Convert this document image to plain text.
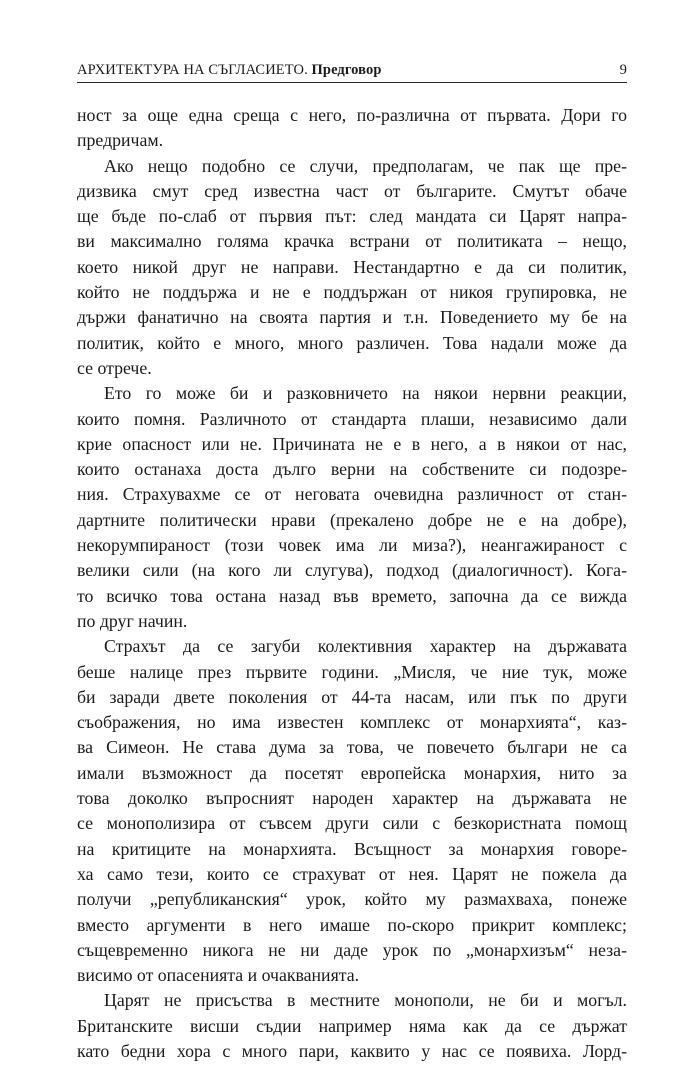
АРХИТЕКТУРА НА СЪГЛАСИЕТО. Предговор	9
ност за още една среща с него, по-различна от първата. Дори го
предричам.
Ако нещо подобно се случи, предполагам, че пак ще пре-
дизвика смут сред известна част от българите. Смутът обаче
ще бъде по-слаб от първия път: след мандата си Царят напра-
ви максимално голяма крачка встрани от политиката – нещо,
което никой друг не направи. Нестандартно е да си политик,
който не поддържа и не е поддържан от никоя групировка, не
държи фанатично на своята партия и т.н. Поведението му бе на
политик, който е много, много различен. Това надали може да
се отрече.
Ето го може би и разковничето на някои нервни реакции,
които помня. Различното от стандарта плаши, независимо дали
крие опасност или не. Причината не е в него, а в някои от нас,
които останаха доста дълго верни на собствените си подозре-
ния. Страхувахме се от неговата очевидна различност от стан-
дартните политически нрави (прекалено добре не е на добре),
некорумпираност (този човек има ли миза?), неангажираност с
велики сили (на кого ли слугува), подход (диалогичност). Кога-
то всичко това остана назад във времето, започна да се вижда
по друг начин.
Страхът да се загуби колективния характер на държавата
беше налице през първите години. „Мисля, че ние тук, може
би заради двете поколения от 44-та насам, или пък по други
съображения, но има известен комплекс от монархията“, каз-
ва Симеон. Не става дума за това, че повечето българи не са
имали възможност да посетят европейска монархия, нито за
това доколко въпросният народен характер на държавата не
се монополизира от съвсем други сили с безкористната помощ
на критиците на монархията. Всъщност за монархия говоре-
ха само тези, които се страхуват от нея. Царят не пожела да
получи „републиканския“ урок, който му размахваха, понеже
вместо аргументи в него имаше по-скоро прикрит комплекс;
същевременно никога не ни даде урок по „монархизъм“ неза-
висимо от опасенията и очакванията.
Царят не присъства в местните монополи, не би и могъл.
Британските висши съдии например няма как да се държат
като бедни хора с много пари, каквито у нас се появиха. Лорд-
